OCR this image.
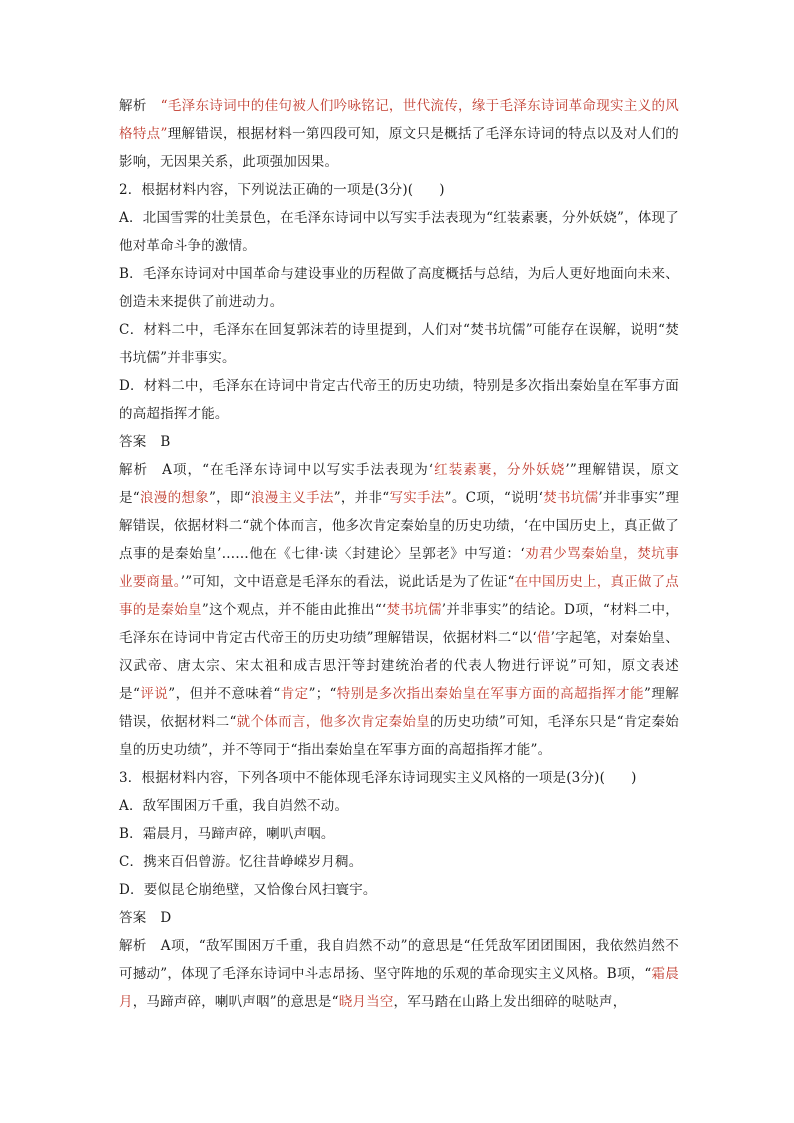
解析 “毛泽东诗词中的佳句被人们吟咏铭记，世代流传，缘于毛泽东诗词革命现实主义的风格特点”理解错误，根据材料一第四段可知，原文只是概括了毛泽东诗词的特点以及对人们的影响，无因果关系，此项强加因果。

2．根据材料内容，下列说法正确的一项是(3分)( )

A．北国雪霁的壮美景色，在毛泽东诗词中以写实手法表现为“红装素裹，分外妖娆”，体现了他对革命斗争的激情。

B．毛泽东诗词对中国革命与建设事业的历程做了高度概括与总结，为后人更好地面向未来、创造未来提供了前进动力。

C．材料二中，毛泽东在回复郭沫若的诗里提到，人们对“焚书坑儒”可能存在误解，说明“焚书坑儒”并非事实。

D．材料二中，毛泽东在诗词中肯定古代帝王的历史功绩，特别是多次指出秦始皇在军事方面的高超指挥才能。

答案 B

解析 A项，“在毛泽东诗词中以写实手法表现为‘红装素裹，分外妖娆’”理解错误，原文是“浪漫的想象”，即“浪漫主义手法”，并非“写实手法”。C项，“说明‘焚书坑儒’并非事实”理解错误，依据材料二“就个体而言，他多次肯定秦始皇的历史功绩，‘在中国历史上，真正做了点事的是秦始皇’……他在《七律·读〈封建论〉呈郭老》中写道：‘劝君少骂秦始皇，焚坑事业要商量。’”可知，文中语意是毛泽东的看法，说此话是为了佐证“在中国历史上，真正做了点事的是秦始皇”这个观点，并不能由此推出“‘焚书坑儒’并非事实”的结论。D项，“材料二中，毛泽东在诗词中肯定古代帝王的历史功绩”理解错误，依据材料二“以‘借’字起笔，对秦始皇、汉武帝、唐太宗、宋太祖和成吉思汗等封建统治者的代表人物进行评说”可知，原文表述是“评说”，但并不意味着“肯定”；“特别是多次指出秦始皇在军事方面的高超指挥才能”理解错误，依据材料二“就个体而言，他多次肯定秦始皇的历史功绩”可知，毛泽东只是“肯定秦始皇的历史功绩”，并不等同于“指出秦始皇在军事方面的高超指挥才能”。

3．根据材料内容，下列各项中不能体现毛泽东诗词现实主义风格的一项是(3分)( )

A．敌军围困万千重，我自岿然不动。

B．霜晨月，马蹄声碎，喇叭声咽。

C．携来百侣曾游。忆往昔峥嵘岁月稠。

D．要似昆仑崩绝壁，又恰像台风扫寰宇。

答案 D

解析 A项，“敌军围困万千重，我自岿然不动”的意思是“任凭敌军团团围困，我依然岿然不可撼动”，体现了毛泽东诗词中斗志昂扬、坚守阵地的乐观的革命现实主义风格。B项，“霜晨月，马蹄声碎，喇叭声咽”的意思是“晓月当空，军马踏在山路上发出细碎的哒哒声，
